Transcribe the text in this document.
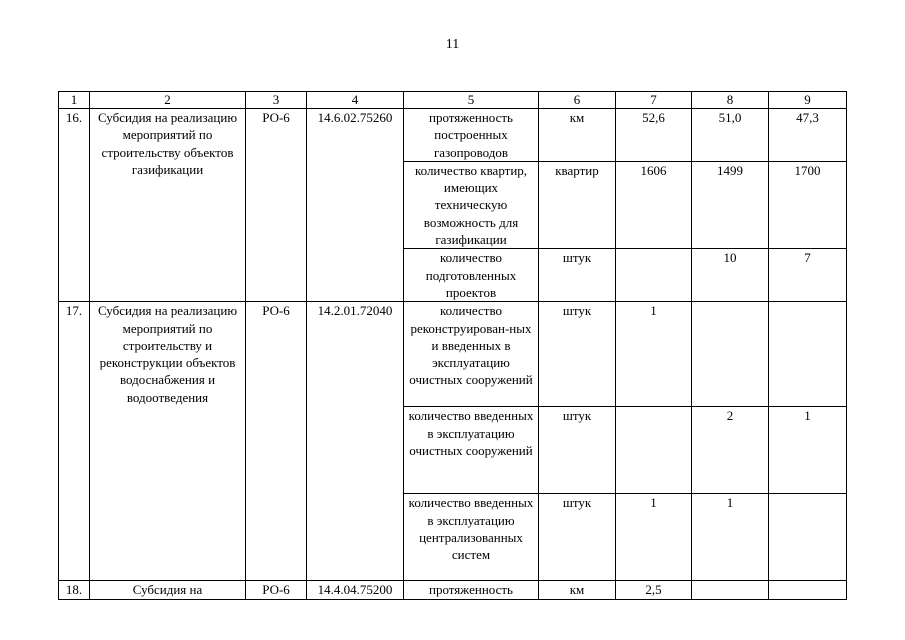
11
1	2	3	4	5	6	7	8	9
16.	Субсидия на реализацию мероприятий по строительству объектов газификации	РО-6	14.6.02.75260	протяженность построенных газопроводов	км	52,6	51,0	47,3
				количество квартир, имеющих техническую возможность для газификации	квартир	1606	1499	1700
				количество подготовленных проектов	штук		10	7
17.	Субсидия на реализацию мероприятий по строительству и реконструкции объектов водоснабжения и водоотведения	РО-6	14.2.01.72040	количество реконструирован-ных и введенных в эксплуатацию очистных сооружений	штук	1		
				количество введенных в эксплуатацию очистных сооружений	штук		2	1
				количество введенных в эксплуатацию централизованных систем	штук	1	1	
18.	Субсидия на	РО-6	14.4.04.75200	протяженность	км	2,5		
